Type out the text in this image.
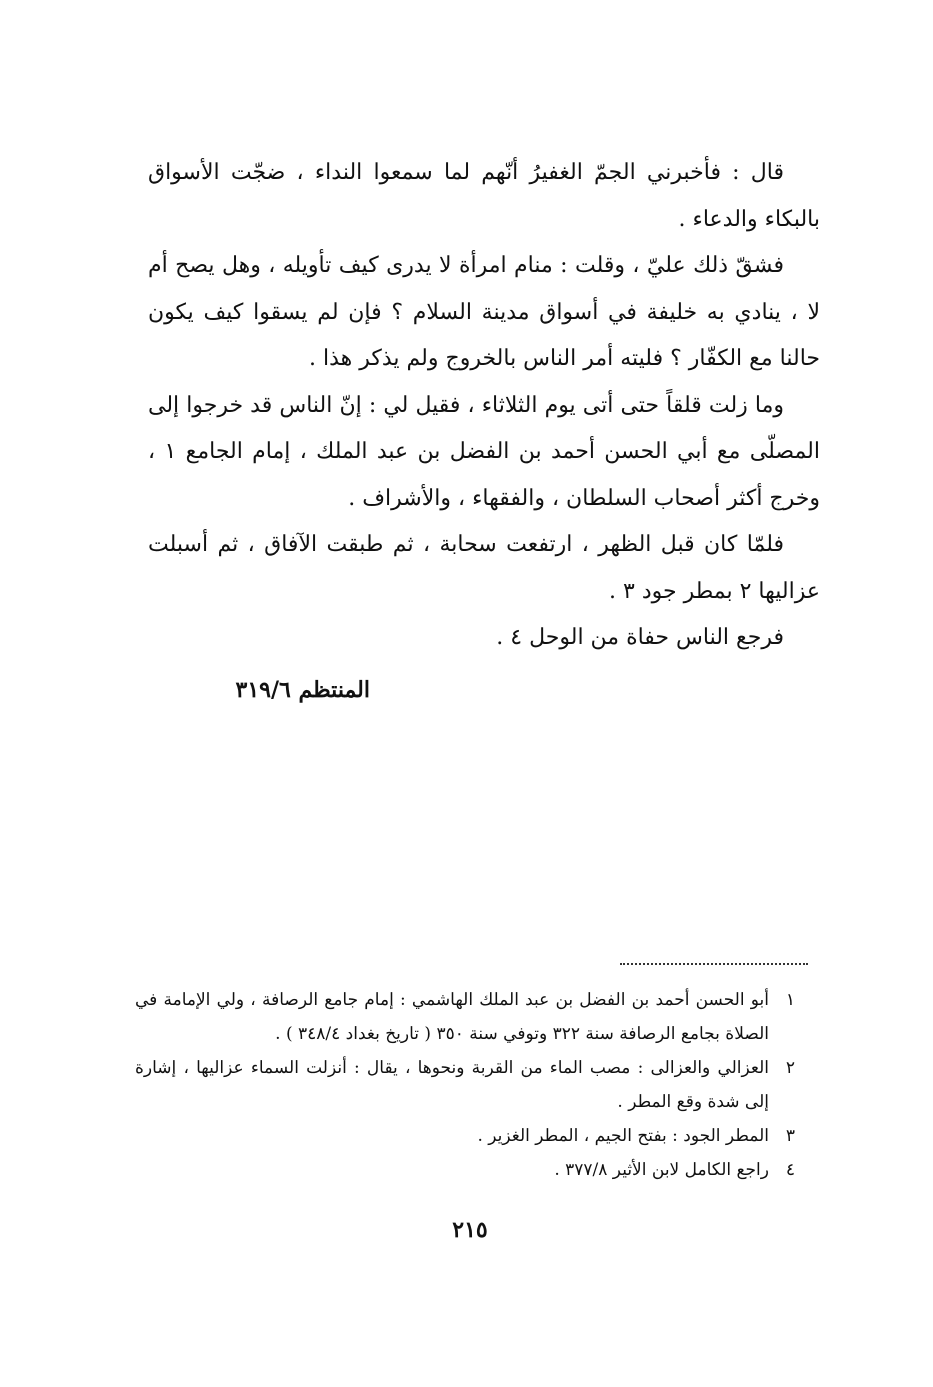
قال : فأخبرني الجمّ الغفيرُ أنّهم لما سمعوا النداء ، ضجّت الأسواق بالبكاء والدعاء .

فشقّ ذلك عليّ ، وقلت : منام امرأة لا يدرى كيف تأويله ، وهل يصح أم لا ، ينادي به خليفة في أسواق مدينة السلام ؟ فإن لم يسقوا كيف يكون حالنا مع الكفّار ؟ فليته أمر الناس بالخروج ولم يذكر هذا .

وما زلت قلقاً حتى أتى يوم الثلاثاء ، فقيل لي : إنّ الناس قد خرجوا إلى المصلّى مع أبي الحسن أحمد بن الفضل بن عبد الملك ، إمام الجامع ١ ، وخرج أكثر أصحاب السلطان ، والفقهاء ، والأشراف .

فلمّا كان قبل الظهر ، ارتفعت سحابة ، ثم طبقت الآفاق ، ثم أسبلت عزاليها ٢ بمطر جود ٣ .

فرجع الناس حفاة من الوحل ٤ .

المنتظم ٣١٩/٦
١
أبو الحسن أحمد بن الفضل بن عبد الملك الهاشمي : إمام جامع الرصافة ، ولي الإمامة في الصلاة بجامع الرصافة سنة ٣٢٢ وتوفي سنة ٣٥٠ ( تاريخ بغداد ٣٤٨/٤ ) .
٢
العزالي والعزالى : مصب الماء من القربة ونحوها ، يقال : أنزلت السماء عزاليها ، إشارة إلى شدة وقع المطر .
٣
المطر الجود : بفتح الجيم ، المطر الغزير .
٤
راجع الكامل لابن الأثير ٣٧٧/٨ .
٢١٥
